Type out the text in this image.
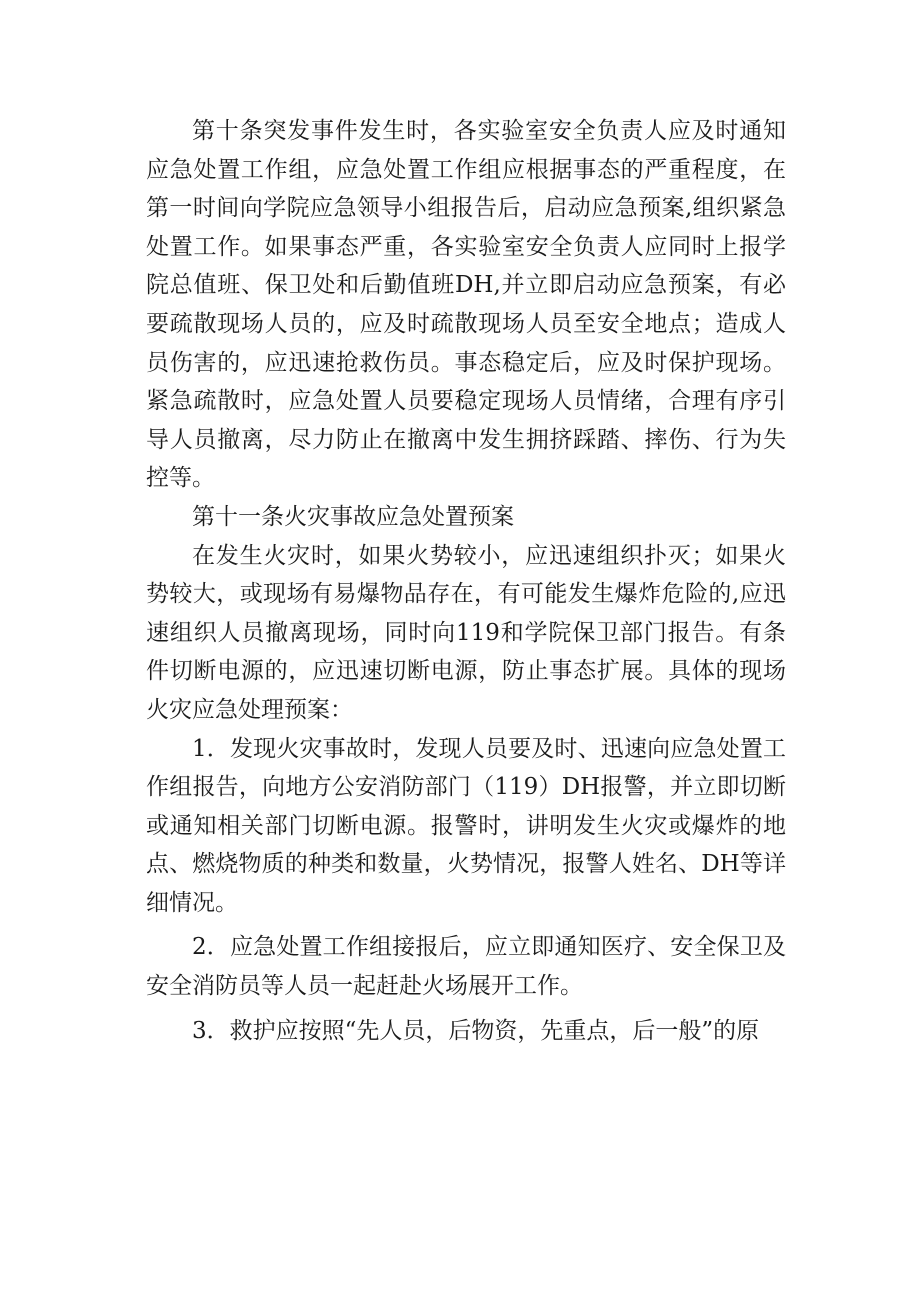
第十条突发事件发生时，各实验室安全负责人应及时通知应急处置工作组，应急处置工作组应根据事态的严重程度，在第一时间向学院应急领导小组报告后，启动应急预案,组织紧急处置工作。如果事态严重，各实验室安全负责人应同时上报学院总值班、保卫处和后勤值班DH,并立即启动应急预案，有必要疏散现场人员的，应及时疏散现场人员至安全地点；造成人员伤害的，应迅速抢救伤员。事态稳定后，应及时保护现场。紧急疏散时，应急处置人员要稳定现场人员情绪，合理有序引导人员撤离，尽力防止在撤离中发生拥挤踩踏、摔伤、行为失控等。

第十一条火灾事故应急处置预案

在发生火灾时，如果火势较小，应迅速组织扑灭；如果火势较大，或现场有易爆物品存在，有可能发生爆炸危险的,应迅速组织人员撤离现场，同时向119和学院保卫部门报告。有条件切断电源的，应迅速切断电源，防止事态扩展。具体的现场火灾应急处理预案：

1．发现火灾事故时，发现人员要及时、迅速向应急处置工作组报告，向地方公安消防部门（119）DH报警，并立即切断或通知相关部门切断电源。报警时，讲明发生火灾或爆炸的地点、燃烧物质的种类和数量，火势情况，报警人姓名、DH等详细情况。

2．应急处置工作组接报后，应立即通知医疗、安全保卫及安全消防员等人员一起赶赴火场展开工作。

3．救护应按照“先人员，后物资，先重点，后一般”的原
